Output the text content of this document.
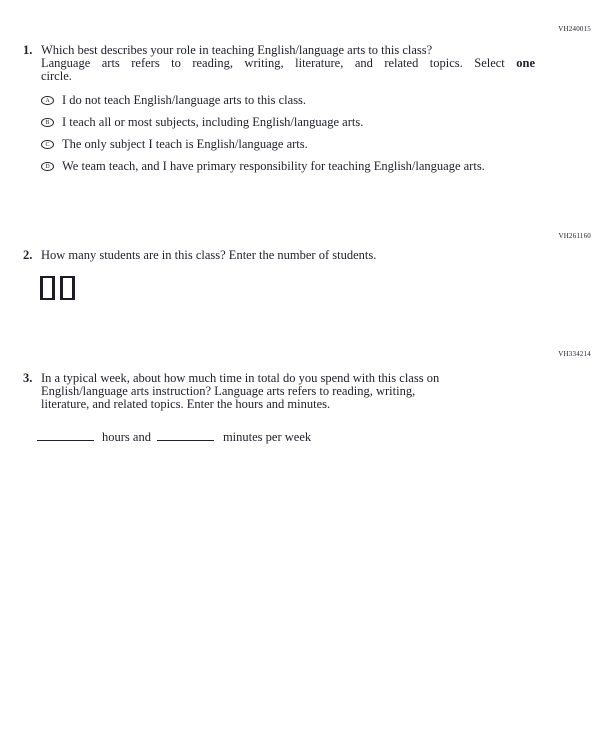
VH240015
1. Which best describes your role in teaching English/language arts to this class?
Language arts refers to reading, writing, literature, and related topics. Select one
circle.
A I do not teach English/language arts to this class.
B I teach all or most subjects, including English/language arts.
C The only subject I teach is English/language arts.
D We team teach, and I have primary responsibility for teaching English/language arts.
VH261160
2. How many students are in this class? Enter the number of students.
VH334214
3. In a typical week, about how much time in total do you spend with this class on
English/language arts instruction? Language arts refers to reading, writing,
literature, and related topics. Enter the hours and minutes.
hours and	minutes per week
